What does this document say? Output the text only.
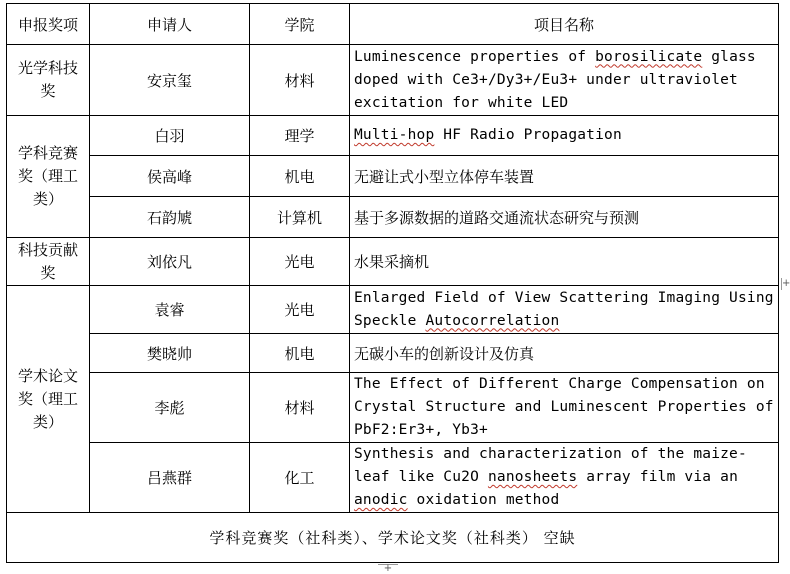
申报奖项	申请人	学院	项目名称
光学科技奖	安京玺	材料	Luminescence properties of borosilicate glass doped with Ce3+/Dy3+/Eu3+ under ultraviolet excitation for white LED
学科竞赛奖（理工类）	白羽	理学	Multi-hop HF Radio Propagation
	侯高峰	机电	无避让式小型立体停车装置
	石韵虓	计算机	基于多源数据的道路交通流状态研究与预测
科技贡献奖	刘依凡	光电	水果采摘机
学术论文奖（理工类）	袁睿	光电	Enlarged Field of View Scattering Imaging Using Speckle Autocorrelation
	樊晓帅	机电	无碳小车的创新设计及仿真
	李彪	材料	The Effect of Different Charge Compensation on Crystal Structure and Luminescent Properties of PbF2:Er3+, Yb3+
	吕燕群	化工	Synthesis and characterization of the maize-leaf like Cu2O nanosheets array film via an anodic oxidation method
学科竞赛奖（社科类）、学术论文奖（社科类） 空缺			
+
+
